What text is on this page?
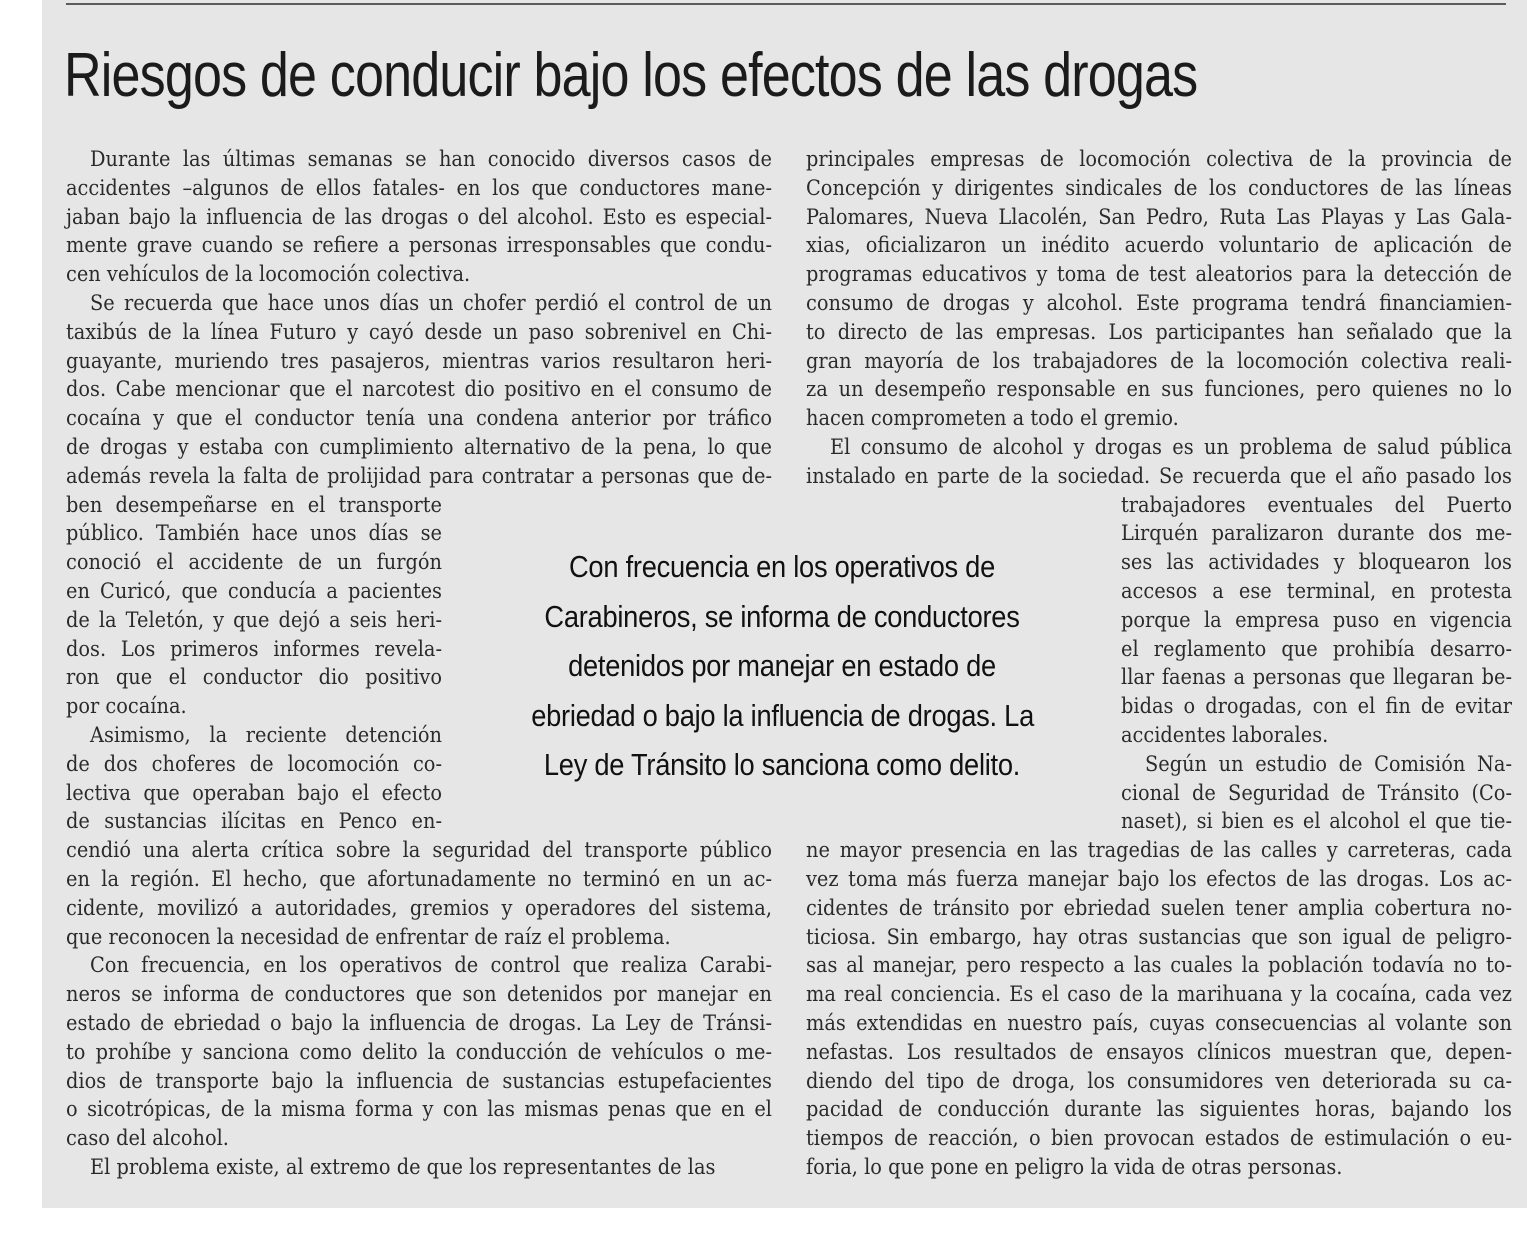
Riesgos de conducir bajo los efectos de las drogas
Durante las últimas semanas se han conocido diversos casos de
accidentes –algunos de ellos fatales- en los que conductores mane-
jaban bajo la influencia de las drogas o del alcohol. Esto es especial-
mente grave cuando se refiere a personas irresponsables que condu-
cen vehículos de la locomoción colectiva.
Se recuerda que hace unos días un chofer perdió el control de un
taxibús de la línea Futuro y cayó desde un paso sobrenivel en Chi-
guayante, muriendo tres pasajeros, mientras varios resultaron heri-
dos. Cabe mencionar que el narcotest dio positivo en el consumo de
cocaína y que el conductor tenía una condena anterior por tráfico
de drogas y estaba con cumplimiento alternativo de la pena, lo que
además revela la falta de prolijidad para contratar a personas que de-
ben desempeñarse en el transporte
público. También hace unos días se
conoció el accidente de un furgón
en Curicó, que conducía a pacientes
de la Teletón, y que dejó a seis heri-
dos. Los primeros informes revela-
ron que el conductor dio positivo
por cocaína.
Asimismo, la reciente detención
de dos choferes de locomoción co-
lectiva que operaban bajo el efecto
de sustancias ilícitas en Penco en-
cendió una alerta crítica sobre la seguridad del transporte público
en la región. El hecho, que afortunadamente no terminó en un ac-
cidente, movilizó a autoridades, gremios y operadores del sistema,
que reconocen la necesidad de enfrentar de raíz el problema.
Con frecuencia, en los operativos de control que realiza Carabi-
neros se informa de conductores que son detenidos por manejar en
estado de ebriedad o bajo la influencia de drogas. La Ley de Tránsi-
to prohíbe y sanciona como delito la conducción de vehículos o me-
dios de transporte bajo la influencia de sustancias estupefacientes
o sicotrópicas, de la misma forma y con las mismas penas que en el
caso del alcohol.
El problema existe, al extremo de que los representantes de las
principales empresas de locomoción colectiva de la provincia de
Concepción y dirigentes sindicales de los conductores de las líneas
Palomares, Nueva Llacolén, San Pedro, Ruta Las Playas y Las Gala-
xias, oficializaron un inédito acuerdo voluntario de aplicación de
programas educativos y toma de test aleatorios para la detección de
consumo de drogas y alcohol. Este programa tendrá financiamien-
to directo de las empresas. Los participantes han señalado que la
gran mayoría de los trabajadores de la locomoción colectiva reali-
za un desempeño responsable en sus funciones, pero quienes no lo
hacen comprometen a todo el gremio.
El consumo de alcohol y drogas es un problema de salud pública
instalado en parte de la sociedad. Se recuerda que el año pasado los
trabajadores eventuales del Puerto
Lirquén paralizaron durante dos me-
ses las actividades y bloquearon los
accesos a ese terminal, en protesta
porque la empresa puso en vigencia
el reglamento que prohibía desarro-
llar faenas a personas que llegaran be-
bidas o drogadas, con el fin de evitar
accidentes laborales.
Según un estudio de Comisión Na-
cional de Seguridad de Tránsito (Co-
naset), si bien es el alcohol el que tie-
ne mayor presencia en las tragedias de las calles y carreteras, cada
vez toma más fuerza manejar bajo los efectos de las drogas. Los ac-
cidentes de tránsito por ebriedad suelen tener amplia cobertura no-
ticiosa. Sin embargo, hay otras sustancias que son igual de peligro-
sas al manejar, pero respecto a las cuales la población todavía no to-
ma real conciencia. Es el caso de la marihuana y la cocaína, cada vez
más extendidas en nuestro país, cuyas consecuencias al volante son
nefastas. Los resultados de ensayos clínicos muestran que, depen-
diendo del tipo de droga, los consumidores ven deteriorada su ca-
pacidad de conducción durante las siguientes horas, bajando los
tiempos de reacción, o bien provocan estados de estimulación o eu-
foria, lo que pone en peligro la vida de otras personas.
Con frecuencia en los operativos de
Carabineros, se informa de conductores
detenidos por manejar en estado de
ebriedad o bajo la influencia de drogas. La
Ley de Tránsito lo sanciona como delito.
